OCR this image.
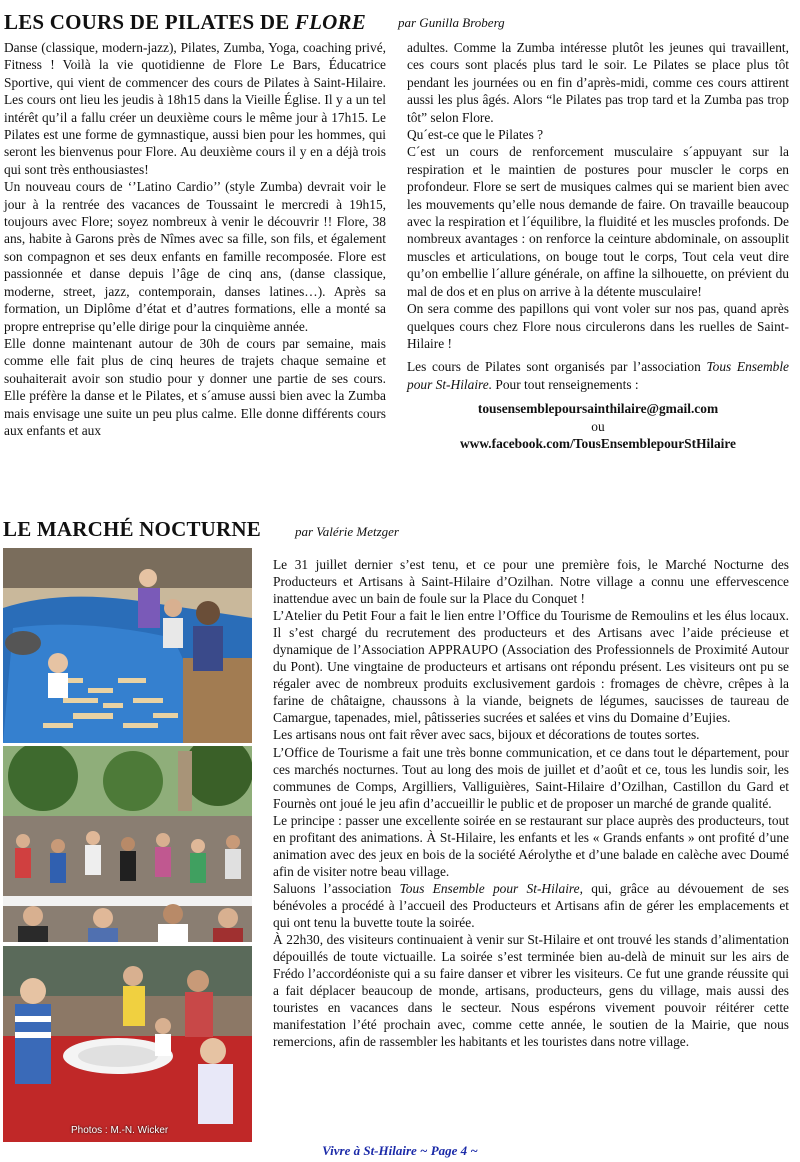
LES COURS DE PILATES DE FLORE par Gunilla Broberg

Danse (classique, modern-jazz), Pilates, Zumba, Yoga, coaching privé, Fitness ! Voilà la vie quotidienne de Flore Le Bars, Éducatrice Sportive, qui vient de commencer des cours de Pilates à Saint-Hilaire. Les cours ont lieu les jeudis à 18h15 dans la Vieille Église. Il y a un tel intérêt qu’il a fallu créer un deuxième cours le même jour à 17h15. Le Pilates est une forme de gymnastique, aussi bien pour les hommes, qui seront les bienvenus pour Flore. Au deuxième cours il y en a déjà trois qui sont très enthousiastes!

Un nouveau cours de ‘’Latino Cardio’’ (style Zumba) devrait voir le jour à la rentrée des vacances de Toussaint le mercredi à 19h15, toujours avec Flore; soyez nombreux à venir le découvrir !! Flore, 38 ans, habite à Garons près de Nîmes avec sa fille, son fils, et également son compagnon et ses deux enfants en famille recomposée. Flore est passionnée et danse depuis l’âge de cinq ans, (danse classique, moderne, street, jazz, contemporain, danses latines…). Après sa formation, un Diplôme d’état et d’autres formations, elle a monté sa propre entreprise qu’elle dirige pour la cinquième année.

Elle donne maintenant autour de 30h de cours par semaine, mais comme elle fait plus de cinq heures de trajets chaque semaine et souhaiterait avoir son studio pour y donner une partie de ses cours. Elle préfère la danse et le Pilates, et s´amuse aussi bien avec la Zumba mais envisage une suite un peu plus calme. Elle donne différents cours aux enfants et aux

adultes. Comme la Zumba intéresse plutôt les jeunes qui travaillent, ces cours sont placés plus tard le soir. Le Pilates se place plus tôt pendant les journées ou en fin d’après-midi, comme ces cours attirent aussi les plus âgés. Alors “le Pilates pas trop tard et la Zumba pas trop tôt” selon Flore.

Qu´est-ce que le Pilates ?

C´est un cours de renforcement musculaire s´appuyant sur la respiration et le maintien de postures pour muscler le corps en profondeur. Flore se sert de musiques calmes qui se marient bien avec les mouvements qu’elle nous demande de faire. On travaille beaucoup avec la respiration et l´équilibre, la fluidité et les muscles profonds. De nombreux avantages : on renforce la ceinture abdominale, on assouplit muscles et articulations, on bouge tout le corps, Tout cela veut dire qu’on embellie l´allure générale, on affine la silhouette, on prévient du mal de dos et en plus on arrive à la détente musculaire!

On sera comme des papillons qui vont voler sur nos pas, quand après quelques cours chez Flore nous circulerons dans les ruelles de Saint-Hilaire !

Les cours de Pilates sont organisés par l’association Tous Ensemble pour St-Hilaire. Pour tout renseignements :

tousensemblepoursainthilaire@gmail.com

ou

www.facebook.com/TousEnsemblepourStHilaire

LE MARCHÉ NOCTURNE	par Valérie Metzger
Photos : M.-N. Wicker

Le 31 juillet dernier s’est tenu, et ce pour une première fois, le Marché Nocturne des Producteurs et Artisans à Saint-Hilaire d’Ozilhan. Notre village a connu une effervescence inattendue avec un bain de foule sur la Place du Conquet !

L’Atelier du Petit Four a fait le lien entre l’Office du Tourisme de Remoulins et les élus locaux. Il s’est chargé du recrutement des producteurs et des Artisans avec l’aide précieuse et dynamique de l’Association APPRAUPO (Association des Professionnels de Proximité Autour du Pont). Une vingtaine de producteurs et artisans ont répondu présent. Les visiteurs ont pu se régaler avec de nombreux produits exclusivement gardois : fromages de chèvre, crêpes à la farine de châtaigne, chaussons à la viande, beignets de légumes, saucisses de taureau de Camargue, tapenades, miel, pâtisseries sucrées et salées et vins du Domaine d’Eujies.

Les artisans nous ont fait rêver avec sacs, bijoux et décorations de toutes sortes.

L’Office de Tourisme a fait une très bonne communication, et ce dans tout le département, pour ces marchés nocturnes. Tout au long des mois de juillet et d’août et ce, tous les lundis soir, les communes de Comps, Argilliers, Valliguières, Saint-Hilaire d’Ozilhan, Castillon du Gard et Fournès ont joué le jeu afin d’accueillir le public et de proposer un marché de grande qualité.

Le principe : passer une excellente soirée en se restaurant sur place auprès des producteurs, tout en profitant des animations. À St-Hilaire, les enfants et les « Grands enfants » ont profité d’une animation avec des jeux en bois de la société Aérolythe et d’une balade en calèche avec Doumé afin de visiter notre beau village.

Saluons l’association Tous Ensemble pour St-Hilaire, qui, grâce au dévouement de ses bénévoles a procédé à l’accueil des Producteurs et Artisans afin de gérer les emplacements et qui ont tenu la buvette toute la soirée.

À 22h30, des visiteurs continuaient à venir sur St-Hilaire et ont trouvé les stands d’alimentation dépouillés de toute victuaille. La soirée s’est terminée bien au-delà de minuit sur les airs de Frédo l’accordéoniste qui a su faire danser et vibrer les visiteurs. Ce fut une grande réussite qui a fait déplacer beaucoup de monde, artisans, producteurs, gens du village, mais aussi des touristes en vacances dans le secteur. Nous espérons vivement pouvoir réitérer cette manifestation l’été prochain avec, comme cette année, le soutien de la Mairie, que nous remercions, afin de rassembler les habitants et les touristes dans notre village.

Vivre à St-Hilaire ~ Page 4 ~
